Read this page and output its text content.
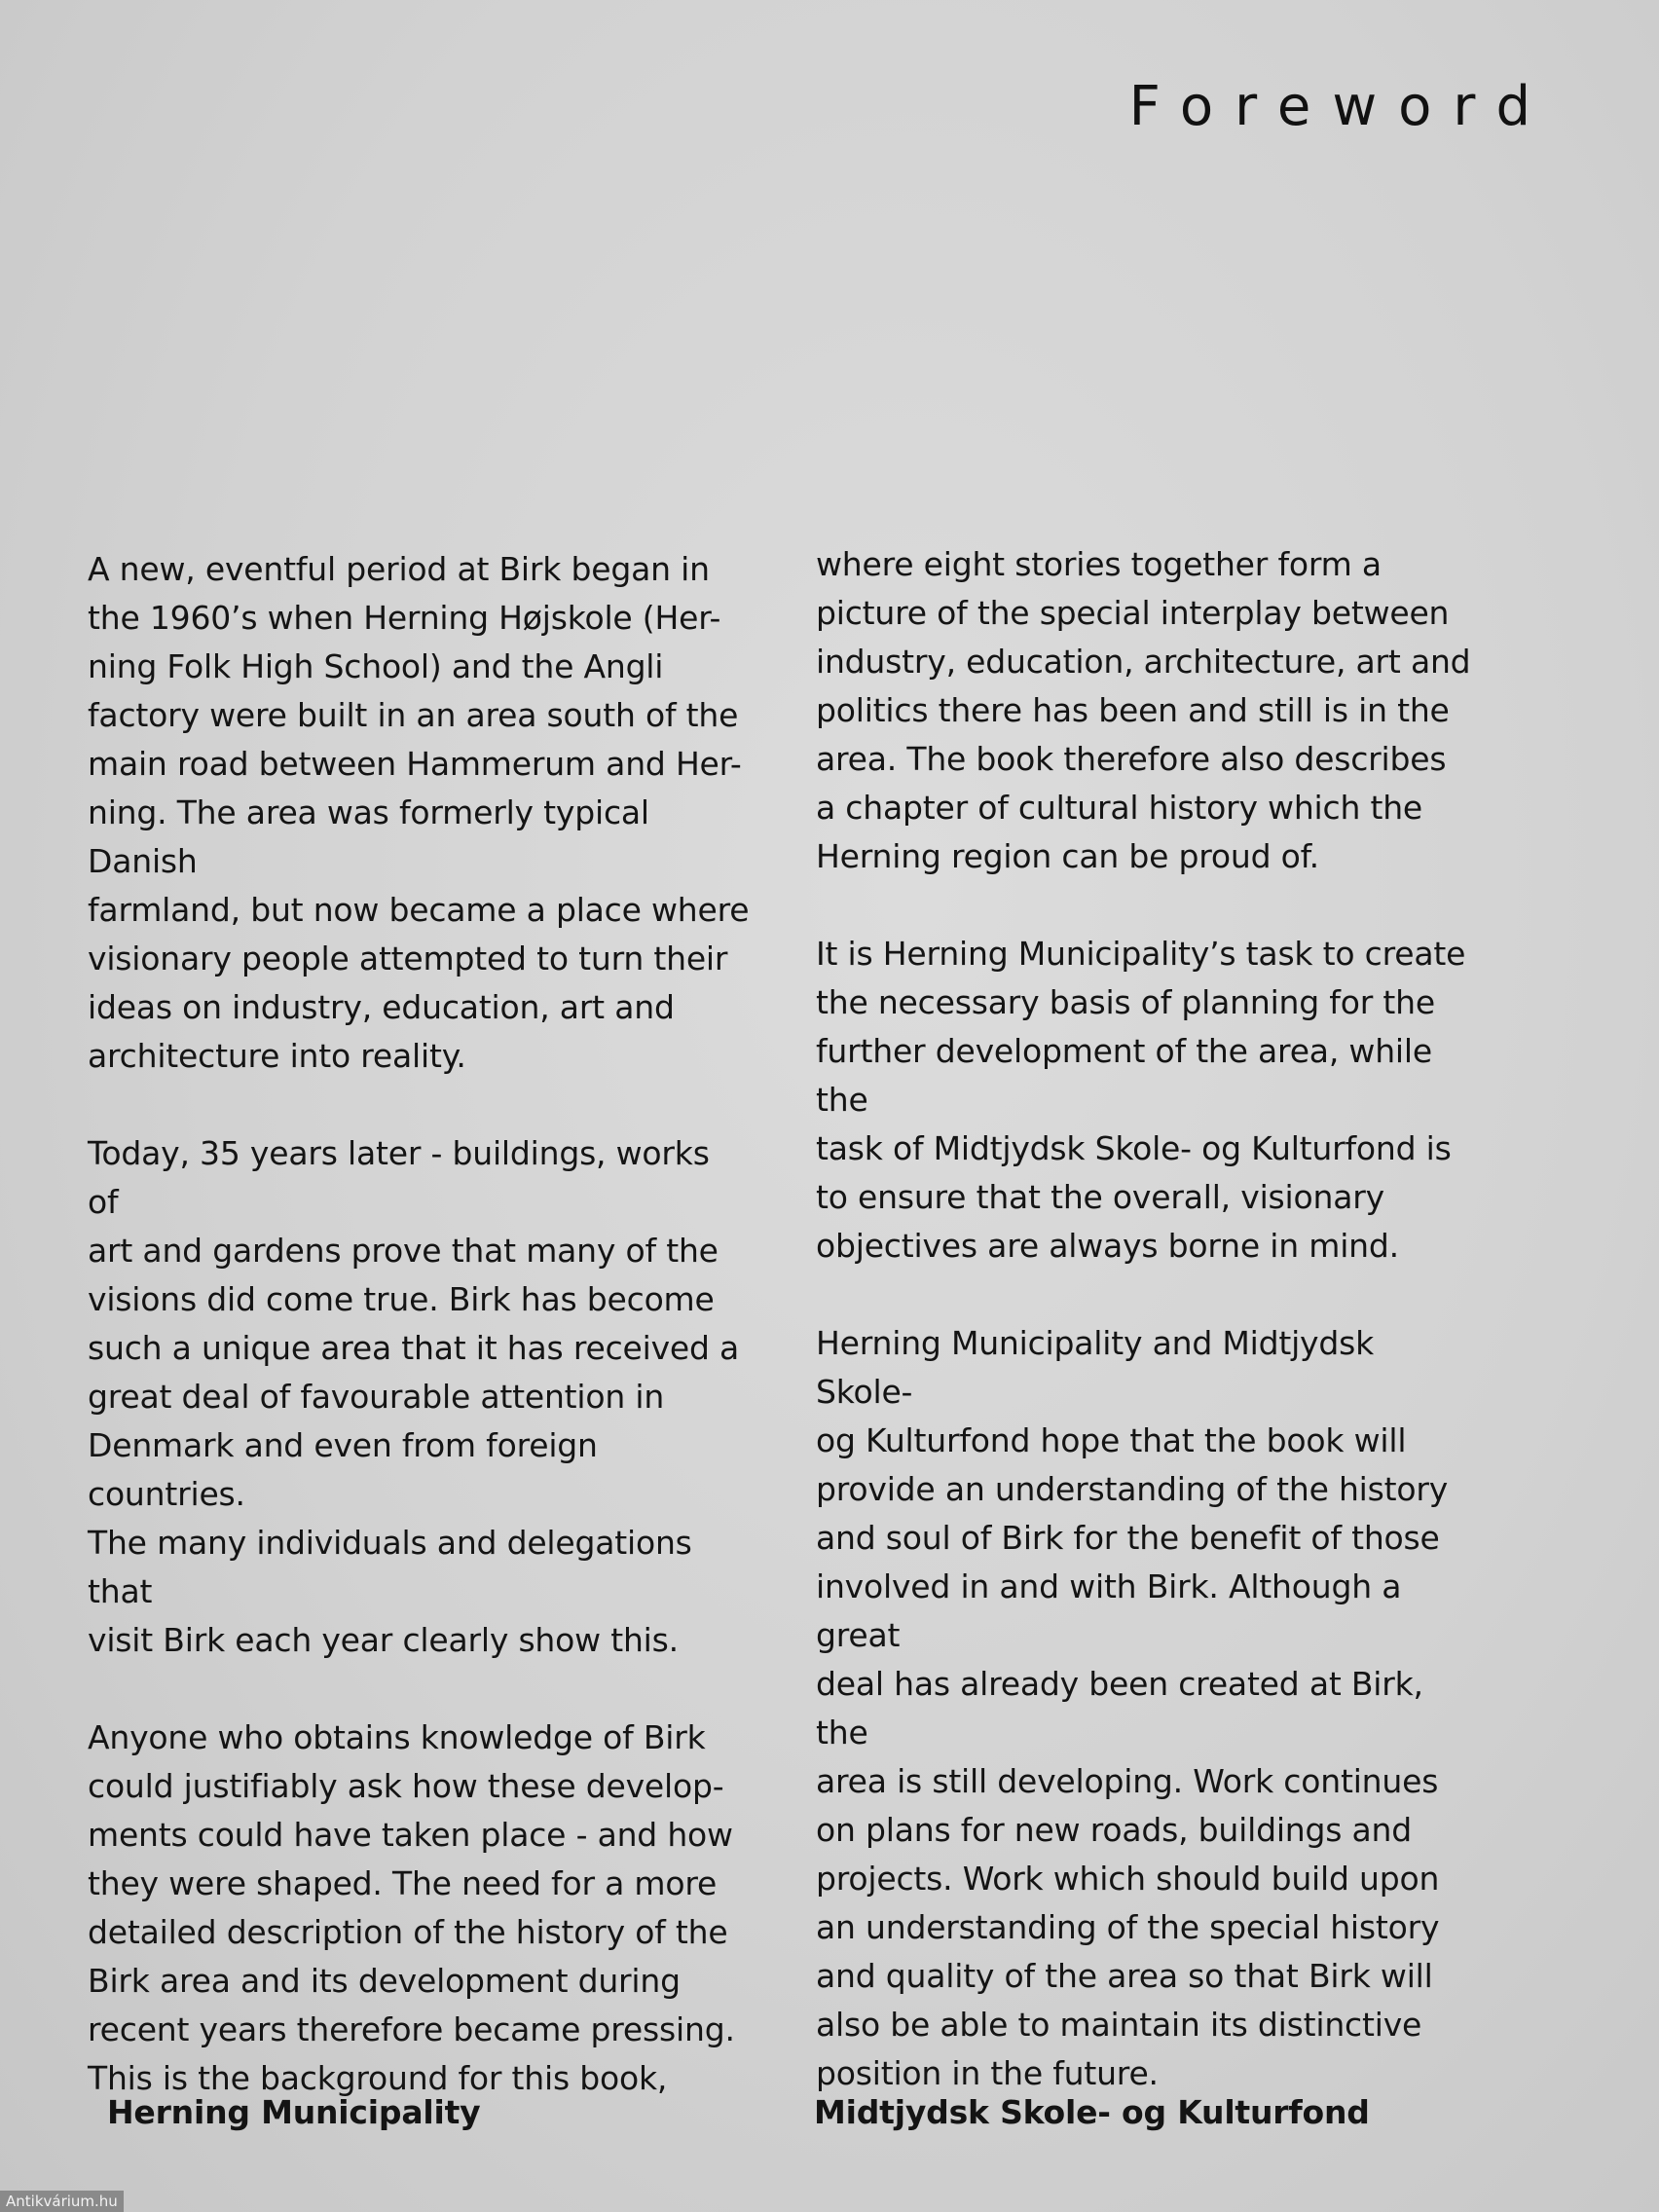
Foreword

A new, eventful period at Birk began in
the 1960’s when Herning Højskole (Her-
ning Folk High School) and the Angli
factory were built in an area south of the
main road between Hammerum and Her-
ning. The area was formerly typical Danish
farmland, but now became a place where
visionary people attempted to turn their
ideas on industry, education, art and
architecture into reality.

Today, 35 years later - buildings, works of
art and gardens prove that many of the
visions did come true. Birk has become
such a unique area that it has received a
great deal of favourable attention in
Denmark and even from foreign countries.
The many individuals and delegations that
visit Birk each year clearly show this.

Anyone who obtains knowledge of Birk
could justifiably ask how these develop-
ments could have taken place - and how
they were shaped. The need for a more
detailed description of the history of the
Birk area and its development during
recent years therefore became pressing.
This is the background for this book,

where eight stories together form a
picture of the special interplay between
industry, education, architecture, art and
politics there has been and still is in the
area. The book therefore also describes
a chapter of cultural history which the
Herning region can be proud of.

It is Herning Municipality’s task to create
the necessary basis of planning for the
further development of the area, while the
task of Midtjydsk Skole- og Kulturfond is
to ensure that the overall, visionary
objectives are always borne in mind.

Herning Municipality and Midtjydsk Skole-
og Kulturfond hope that the book will
provide an understanding of the history
and soul of Birk for the benefit of those
involved in and with Birk. Although a great
deal has already been created at Birk, the
area is still developing. Work continues
on plans for new roads, buildings and
projects. Work which should build upon
an understanding of the special history
and quality of the area so that Birk will
also be able to maintain its distinctive
position in the future.

Herning Municipality	Midtjydsk Skole- og Kulturfond
Antikvárium.hu
